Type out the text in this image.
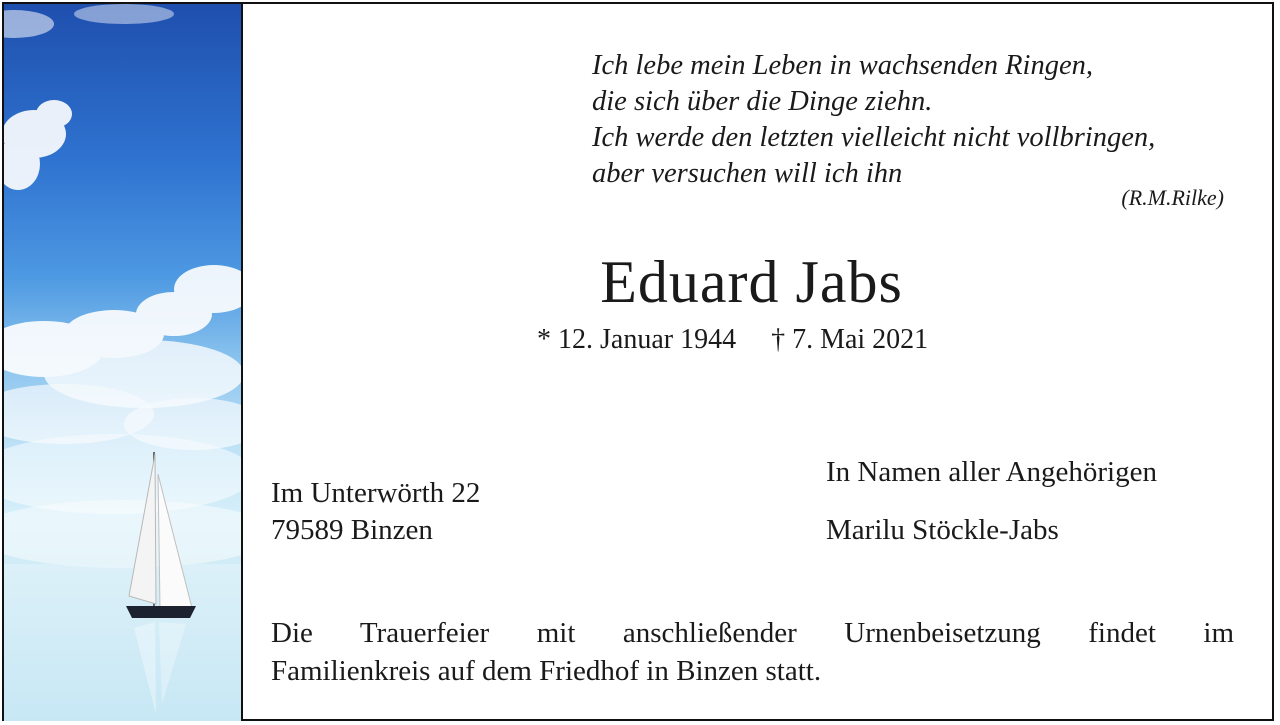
Ich lebe mein Leben in wachsenden Ringen,
die sich über die Dinge ziehn.
Ich werde den letzten vielleicht nicht vollbringen,
aber versuchen will ich ihn
(R.M.Rilke)
Eduard Jabs
* 12. Januar 1944 † 7. Mai 2021
Im Unterwörth 22
79589 Binzen
In Namen aller Angehörigen
Marilu Stöckle-Jabs
Die Trauerfeier mit anschließender Urnenbeisetzung findet im
Familienkreis auf dem Friedhof in Binzen statt.
